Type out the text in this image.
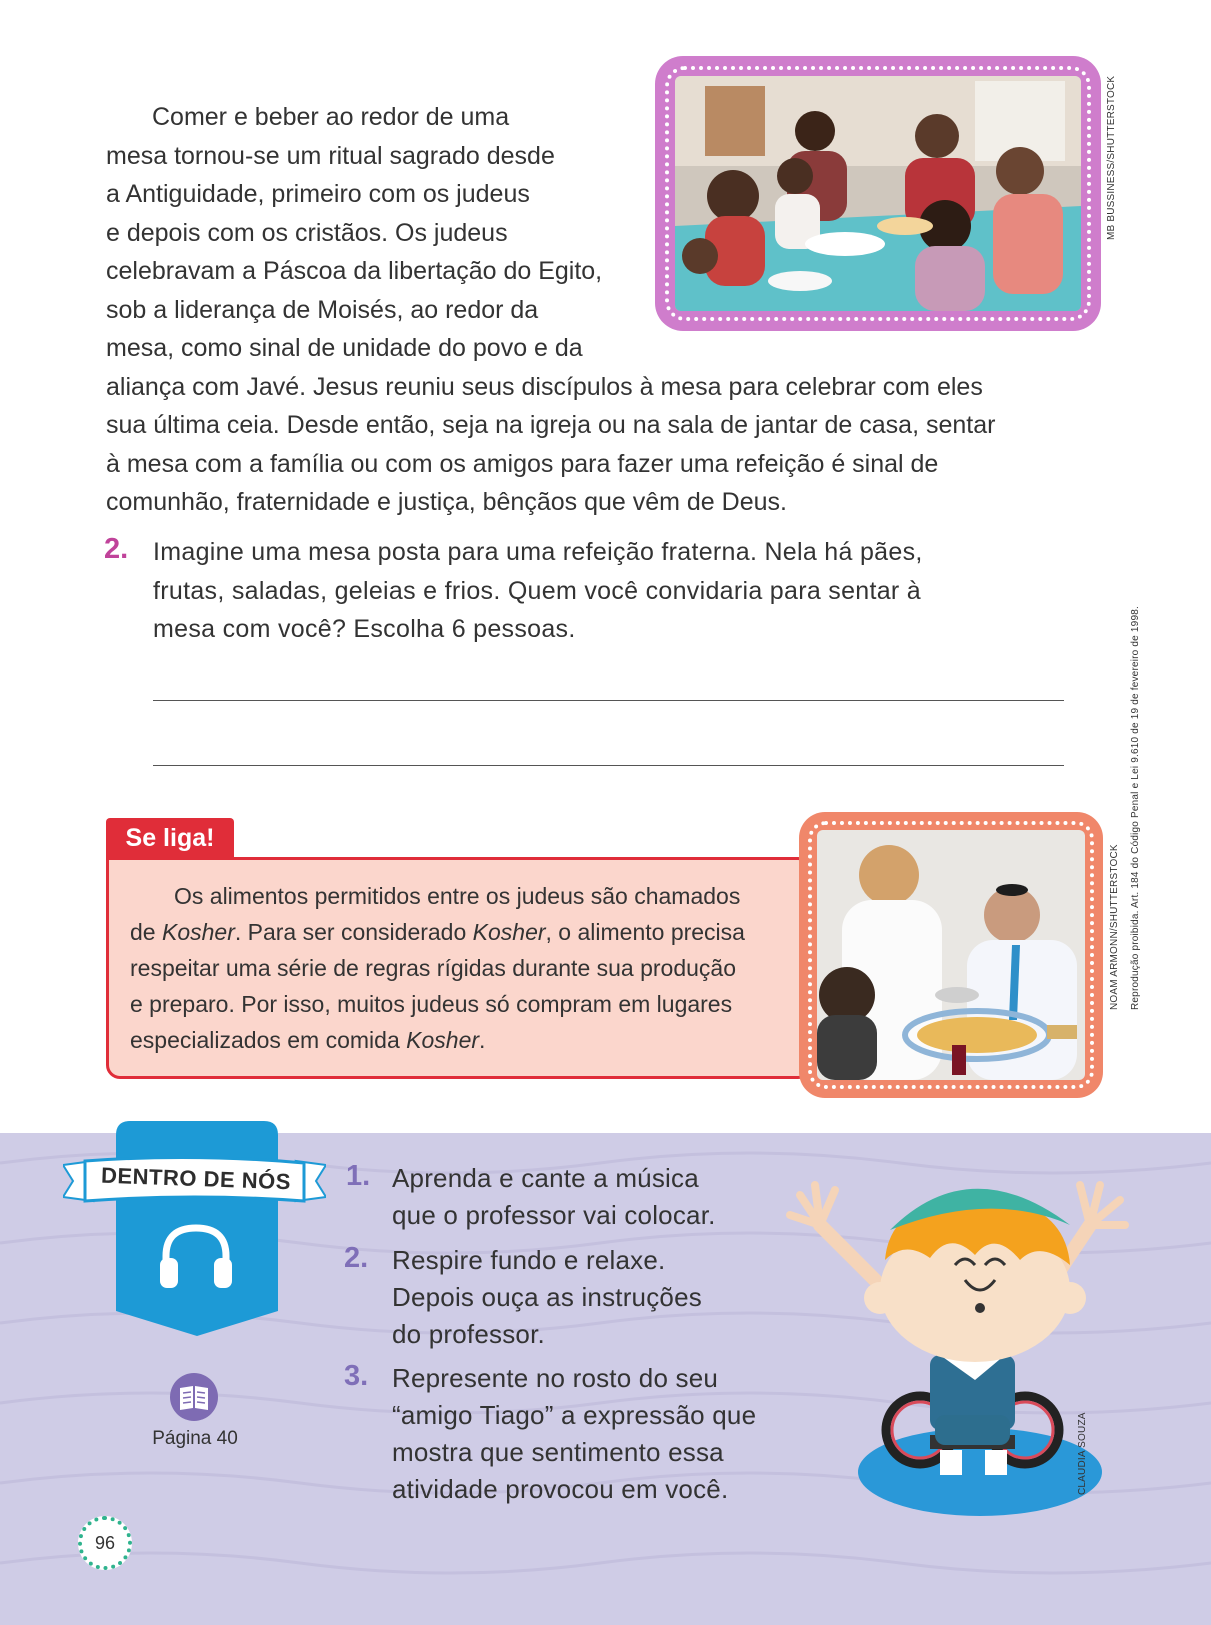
Comer e beber ao redor de uma
mesa tornou-se um ritual sagrado desde
a Antiguidade, primeiro com os judeus
e depois com os cristãos. Os judeus
celebravam a Páscoa da libertação do Egito,
sob a liderança de Moisés, ao redor da
mesa, como sinal de unidade do povo e da
aliança com Javé. Jesus reuniu seus discípulos à mesa para celebrar com eles
sua última ceia. Desde então, seja na igreja ou na sala de jantar de casa, sentar
à mesa com a família ou com os amigos para fazer uma refeição é sinal de
comunhão, fraternidade e justiça, bênçãos que vêm de Deus.
MB BUSSINESS/SHUTTERSTOCK
2. Imagine uma mesa posta para uma refeição fraterna. Nela há pães,
frutas, saladas, geleias e frios. Quem você convidaria para sentar à
mesa com você? Escolha 6 pessoas.
NOAM ARMONN/SHUTTERSTOCK Reprodução proibida. Art. 184 do Código Penal e Lei 9.610 de 19 de fevereiro de 1998.
Se liga!
Os alimentos permitidos entre os judeus são chamados
de Kosher. Para ser considerado Kosher, o alimento precisa
respeitar uma série de regras rígidas durante sua produção
e preparo. Por isso, muitos judeus só compram em lugares
especializados em comida Kosher.
DENTRO DE NÓS
Página 40
1. Aprenda e cante a música
que o professor vai colocar.
2. Respire fundo e relaxe.
Depois ouça as instruções
do professor.
3. Represente no rosto do seu
“amigo Tiago” a expressão que
mostra que sentimento essa
atividade provocou em você.	CLAUDIA SOUZA
96
